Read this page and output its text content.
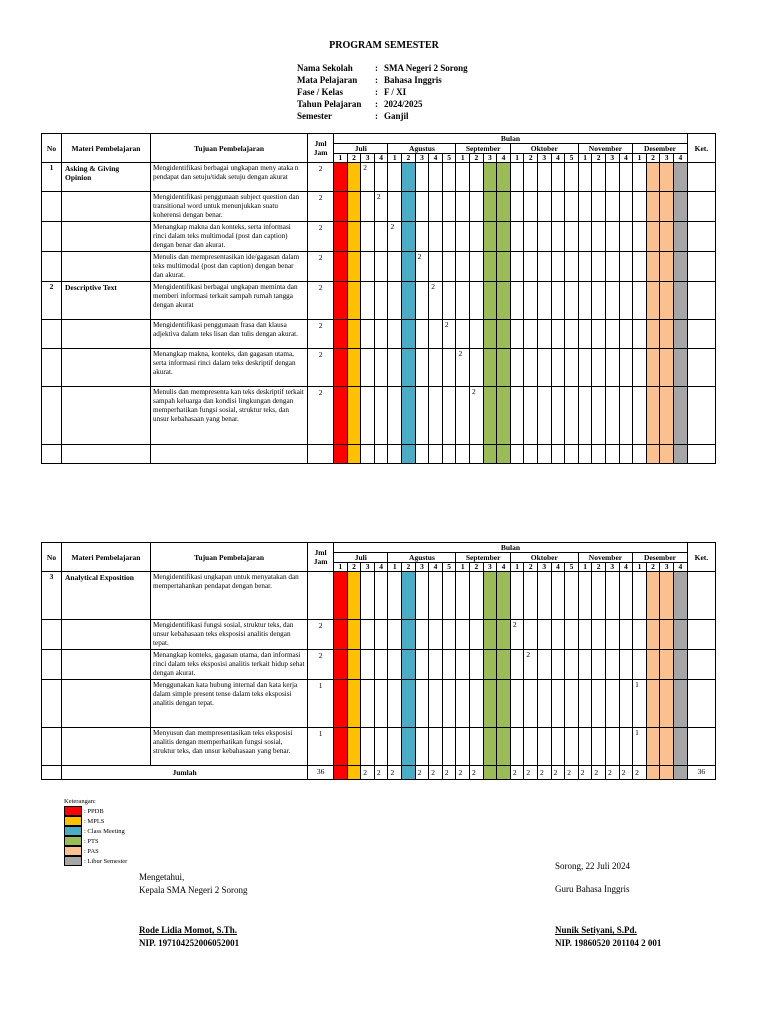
PROGRAM SEMESTER
Nama Sekolah	: SMA Negeri 2 Sorong
Mata Pelajaran	: Bahasa Inggris
Fase / Kelas	: F / XI
Tahun Pelajaran	: 2024/2025
Semester	: Ganjil
No	Materi Pembelajaran	Tujuan Pembelajaran	Jml Jam	Bulan																										Ket.
				Juli				Agustus					September				Oktober					November				Desember				
				1	2	3	4	1	2	3	4	5	1	2	3	4	1	2	3	4	5	1	2	3	4	1	2	3	4	
1	Asking & Giving Opinion	Mengidentifikasi berbagai ungkapan meny ataka n pendapat dan setuju/tidak setuju dengan akurat	2			2																								
		Mengidentifikasi penggunaan subject question dan transitional word untuk menunjukkan suatu koherensi dengan benar.	2				2																							
		Menangkap makna dan konteks, serta informasi rinci dalam teks multimodal (post dan caption) dengan benar dan akurat.	2					2																						
		Menulis dan mempresentasikan ide/gagasan dalam teks multimodal (post dan caption) dengan benar dan akurat.	2							2																				
2	Descriptive Text	Mengidentifikasi berbagai ungkapan meminta dan memberi informasi terkait sampah rumah tangga dengan akurat	2								2																			
		Mengidentifikasi penggunaan frasa dan klausa adjektiva dalam teks lisan dan tulis dengan akurat.	2									2																		
		Menangkap makna, konteks, dan gagasan utama, serta informasi rinci dalam teks deskriptif dengan akurat.	2										2																	
		Menulis dan mempresenta kan teks deskriptif terkait sampah keluarga dan kondisi lingkungan dengan memperhatikan fungsi sosial, struktur teks, dan unsur kebahasaan yang benar.	2											2																

No	Materi Pembelajaran	Tujuan Pembelajaran	Jml Jam	Bulan																										Ket.
				Juli				Agustus					September				Oktober					November				Desember				
				1	2	3	4	1	2	3	4	5	1	2	3	4	1	2	3	4	5	1	2	3	4	1	2	3	4	
3	Analytical Exposition	Mengidentifikasi ungkapan untuk menyatakan dan mempertahankan pendapat dengan benar.																												
		Mengidentifikasi fungsi sosial, struktur teks, dan unsur kebahasaan teks eksposisi analitis dengan tepat.	2														2													
		Menangkap konteks, gagasan utama, dan informasi rinci dalam teks eksposisi analitis terkait hidup sehat dengan akurat.	2															2												
		Menggunakan kata hubung internal dan kata kerja dalam simple present tense dalam teks eksposisi analitis dengan tepat.	1																							1				
		Menyusun dan mempresentasikan teks eksposisi analitis dengan memperhatikan fungsi sosial, struktur teks, dan unsur kebahasaan yang benar.	1																							1				
	Jumlah		36			2	2	2		2	2	2	2	2			2	2	2	2	2	2	2	2	2	2				36
Keterangan:
: PPDB
: MPLS
: Class Meeting
: PTS
: PAS
: Libur Semester
Mengetahui,
Kepala SMA Negeri 2 Sorong
Rode Lidia Momot, S.Th.
NIP. 197104252006052001
Sorong, 22 Juli 2024
Guru Bahasa Inggris
Nunik Setiyani, S.Pd.
NIP. 19860520 201104 2 001
